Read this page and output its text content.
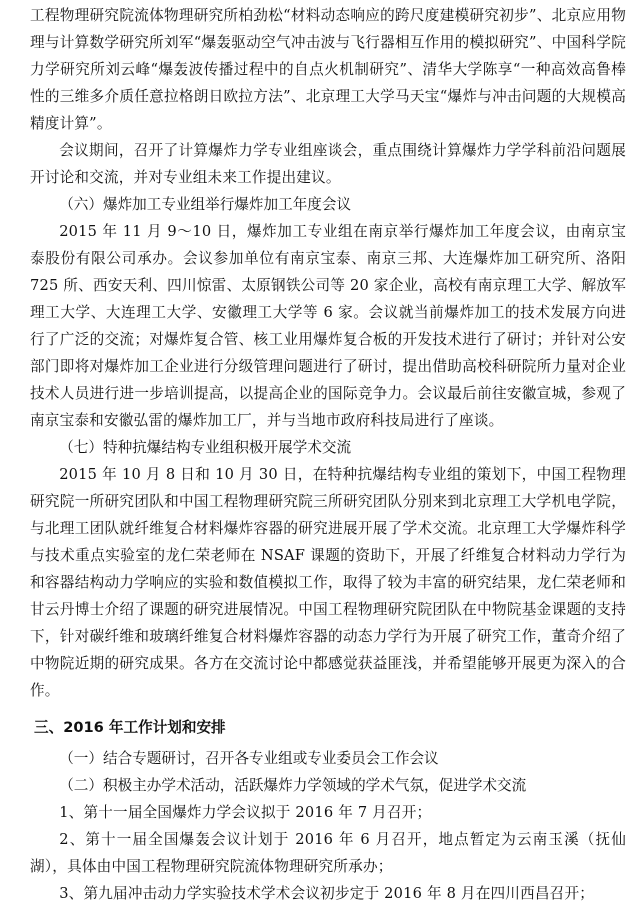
工程物理研究院流体物理研究所柏劲松“材料动态响应的跨尺度建模研究初步”、北京应用物理与计算数学研究所刘军“爆轰驱动空气冲击波与飞行器相互作用的模拟研究”、中国科学院力学研究所刘云峰“爆轰波传播过程中的自点火机制研究”、清华大学陈享“一种高效高鲁棒性的三维多介质任意拉格朗日欧拉方法”、北京理工大学马天宝“爆炸与冲击问题的大规模高精度计算”。

会议期间，召开了计算爆炸力学专业组座谈会，重点围绕计算爆炸力学学科前沿问题展开讨论和交流，并对专业组未来工作提出建议。

（六）爆炸加工专业组举行爆炸加工年度会议

2015 年 11 月 9～10 日，爆炸加工专业组在南京举行爆炸加工年度会议，由南京宝泰股份有限公司承办。会议参加单位有南京宝泰、南京三邦、大连爆炸加工研究所、洛阳 725 所、西安天利、四川惊雷、太原钢铁公司等 20 家企业，高校有南京理工大学、解放军理工大学、大连理工大学、安徽理工大学等 6 家。会议就当前爆炸加工的技术发展方向进行了广泛的交流；对爆炸复合管、核工业用爆炸复合板的开发技术进行了研讨；并针对公安部门即将对爆炸加工企业进行分级管理问题进行了研讨，提出借助高校科研院所力量对企业技术人员进行进一步培训提高，以提高企业的国际竞争力。会议最后前往安徽宣城，参观了南京宝泰和安徽弘雷的爆炸加工厂，并与当地市政府科技局进行了座谈。

（七）特种抗爆结构专业组积极开展学术交流

2015 年 10 月 8 日和 10 月 30 日，在特种抗爆结构专业组的策划下，中国工程物理研究院一所研究团队和中国工程物理研究院三所研究团队分别来到北京理工大学机电学院，与北理工团队就纤维复合材料爆炸容器的研究进展开展了学术交流。北京理工大学爆炸科学与技术重点实验室的龙仁荣老师在 NSAF 课题的资助下，开展了纤维复合材料动力学行为和容器结构动力学响应的实验和数值模拟工作，取得了较为丰富的研究结果，龙仁荣老师和甘云丹博士介绍了课题的研究进展情况。中国工程物理研究院团队在中物院基金课题的支持下，针对碳纤维和玻璃纤维复合材料爆炸容器的动态力学行为开展了研究工作，董奇介绍了中物院近期的研究成果。各方在交流讨论中都感觉获益匪浅，并希望能够开展更为深入的合作。

三、2016 年工作计划和安排

（一）结合专题研讨，召开各专业组或专业委员会工作会议

（二）积极主办学术活动，活跃爆炸力学领域的学术气氛，促进学术交流

1、第十一届全国爆炸力学会议拟于 2016 年 7 月召开；

2、第十一届全国爆轰会议计划于 2016 年 6 月召开，地点暂定为云南玉溪（抚仙湖），具体由中国工程物理研究院流体物理研究所承办；

3、第九届冲击动力学实验技术学术会议初步定于 2016 年 8 月在四川西昌召开；
